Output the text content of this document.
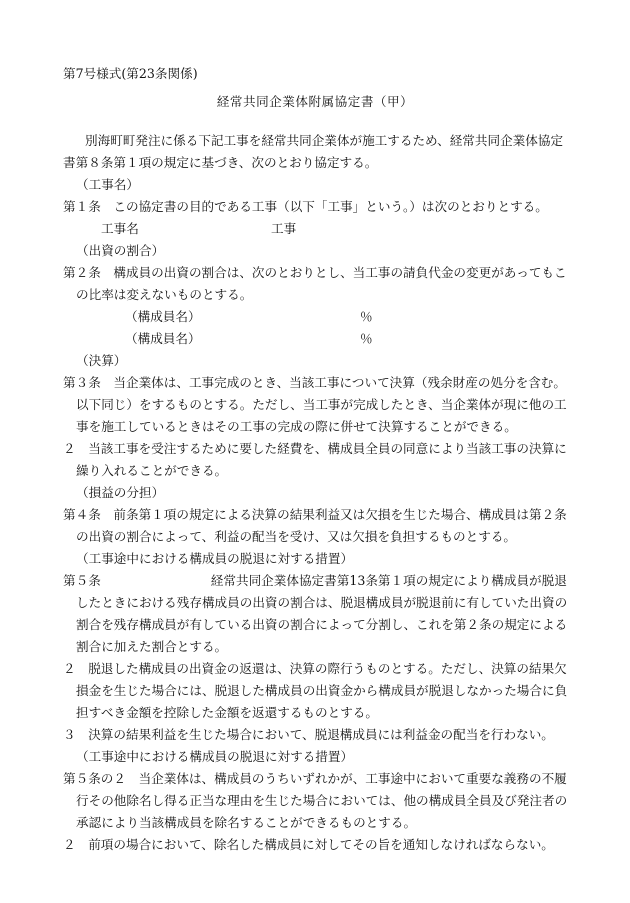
第7号様式(第23条関係)
経常共同企業体附属協定書（甲）

別海町町発注に係る下記工事を経常共同企業体が施工するため、経常共同企業体協定書第８条第１項の規定に基づき、次のとおり協定する。

（工事名）

第１条　この協定書の目的である工事（以下「工事」という。）は次のとおりとする。

工事名	工事

（出資の割合）

第２条　構成員の出資の割合は、次のとおりとし、当工事の請負代金の変更があってもこの比率は変えないものとする。

（構成員名）	％
（構成員名）	％

（決算）

第３条　当企業体は、工事完成のとき、当該工事について決算（残余財産の処分を含む。以下同じ）をするものとする。ただし、当工事が完成したとき、当企業体が現に他の工事を施工しているときはその工事の完成の際に併せて決算することができる。

２　当該工事を受注するために要した経費を、構成員全員の同意により当該工事の決算に繰り入れることができる。

（損益の分担）

第４条　前条第１項の規定による決算の結果利益又は欠損を生じた場合、構成員は第２条の出資の割合によって、利益の配当を受け、又は欠損を負担するものとする。

（工事途中における構成員の脱退に対する措置）

第５条	経常共同企業体協定書第13条第１項の規定により構成員が脱退したときにおける残存構成員の出資の割合は、脱退構成員が脱退前に有していた出資の割合を残存構成員が有している出資の割合によって分割し、これを第２条の規定による割合に加えた割合とする。

２　脱退した構成員の出資金の返還は、決算の際行うものとする。ただし、決算の結果欠損金を生じた場合には、脱退した構成員の出資金から構成員が脱退しなかった場合に負担すべき金額を控除した金額を返還するものとする。

３　決算の結果利益を生じた場合において、脱退構成員には利益金の配当を行わない。

（工事途中における構成員の脱退に対する措置）

第５条の２　当企業体は、構成員のうちいずれかが、工事途中において重要な義務の不履行その他除名し得る正当な理由を生じた場合においては、他の構成員全員及び発注者の承認により当該構成員を除名することができるものとする。

２　前項の場合において、除名した構成員に対してその旨を通知しなければならない。
